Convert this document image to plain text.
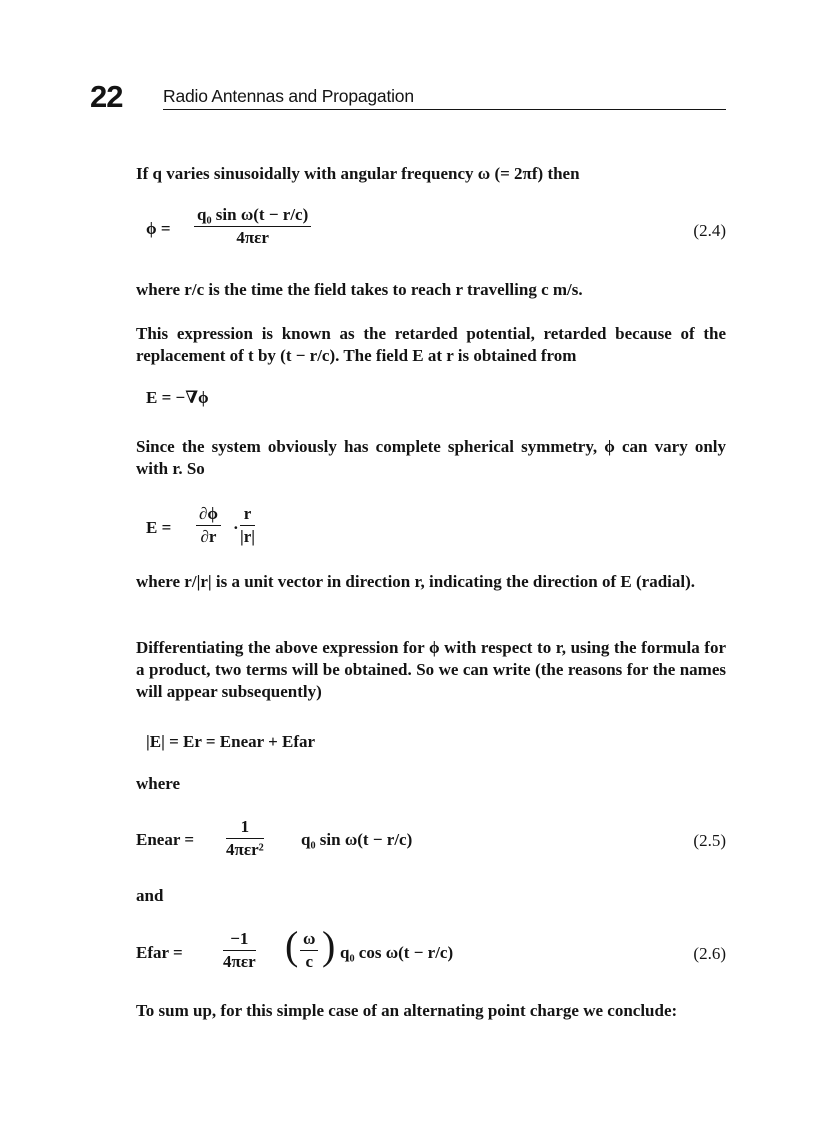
22 Radio Antennas and Propagation
If q varies sinusoidally with angular frequency ω (= 2πf) then
ϕ =
q₀ sin ω(t − r/c)
4πεr	(2.4)
where r/c is the time the field takes to reach r travelling c m/s.
This expression is known as the retarded potential, retarded because of the replacement of t by (t − r/c). The field E at r is obtained from
E = −∇ϕ
Since the system obviously has complete spherical symmetry, ϕ can vary only with r. So
$E = \frac{\partial\phi}{\partial r} \cdot \frac{r}{|r|}$
where r/|r| is a unit vector in direction r, indicating the direction of E (radial).
Differentiating the above expression for ϕ with respect to r, using the formula for a product, two terms will be obtained. So we can write (the reasons for the names will appear subsequently)
|E| = Er = Enear + Efar
where
Enear =
1
4πεr²
q₀ sin ω(t − r/c)	(2.5)
and
Efar =
−1
4πεr ( $\frac{\omega}{c}$ ) q₀ cos ω(t − r/c)	(2.6)
To sum up, for this simple case of an alternating point charge we conclude:
